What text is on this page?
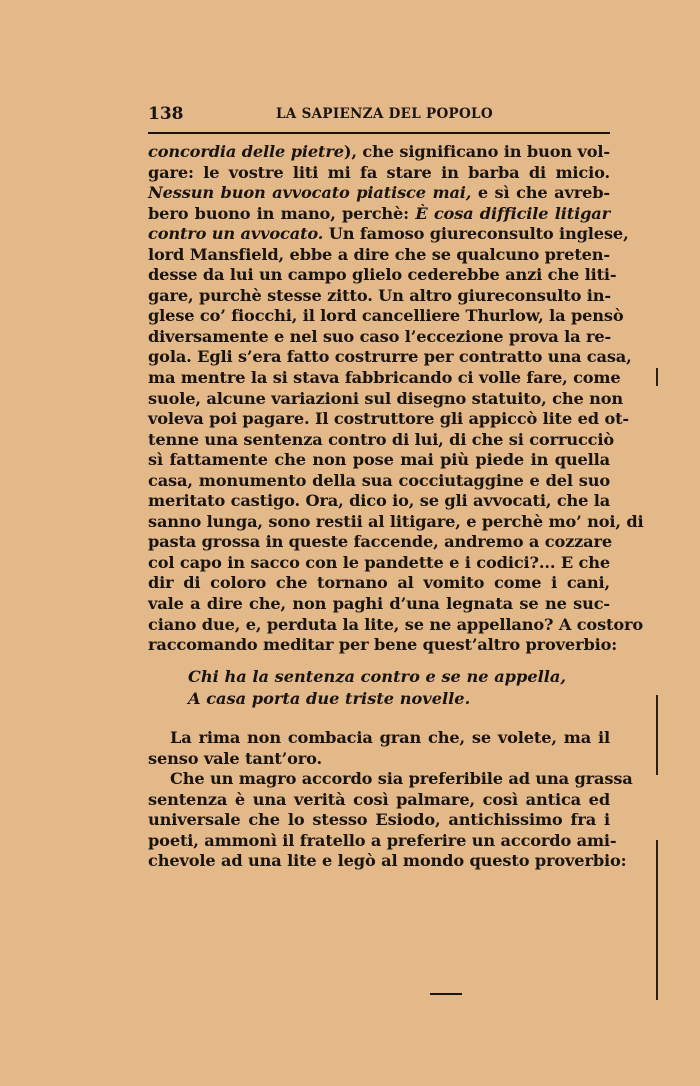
138	LA SAPIENZA DEL POPOLO
concordia delle pietre), che significano in buon vol-
gare: le vostre liti mi fa stare in barba di micio.
Nessun buon avvocato piatisce mai, e sì che avreb-
bero buono in mano, perchè: È cosa difficile litigar
contro un avvocato. Un famoso giureconsulto inglese,
lord Mansfield, ebbe a dire che se qualcuno preten-
desse da lui un campo glielo cederebbe anzi che liti-
gare, purchè stesse zitto. Un altro giureconsulto in-
glese co’ fiocchi, il lord cancelliere Thurlow, la pensò
diversamente e nel suo caso l’eccezione prova la re-
gola. Egli s’era fatto costrurre per contratto una casa,
ma mentre la si stava fabbricando ci volle fare, come
suole, alcune variazioni sul disegno statuito, che non
voleva poi pagare. Il costruttore gli appiccò lite ed ot-
tenne una sentenza contro di lui, di che si corrucciò
sì fattamente che non pose mai più piede in quella
casa, monumento della sua cocciutaggine e del suo
meritato castigo. Ora, dico io, se gli avvocati, che la
sanno lunga, sono restii al litigare, e perchè mo’ noi, di
pasta grossa in queste faccende, andremo a cozzare
col capo in sacco con le pandette e i codici?... E che
dir di coloro che tornano al vomito come i cani,
vale a dire che, non paghi d’una legnata se ne suc-
ciano due, e, perduta la lite, se ne appellano? A costoro
raccomando meditar per bene quest’altro proverbio:
Chi ha la sentenza contro e se ne appella,
A casa porta due triste novelle.
La rima non combacia gran che, se volete, ma il
senso vale tant’oro.
Che un magro accordo sia preferibile ad una grassa
sentenza è una verità così palmare, così antica ed
universale che lo stesso Esiodo, antichissimo fra i
poeti, ammonì il fratello a preferire un accordo ami-
chevole ad una lite e legò al mondo questo proverbio:
